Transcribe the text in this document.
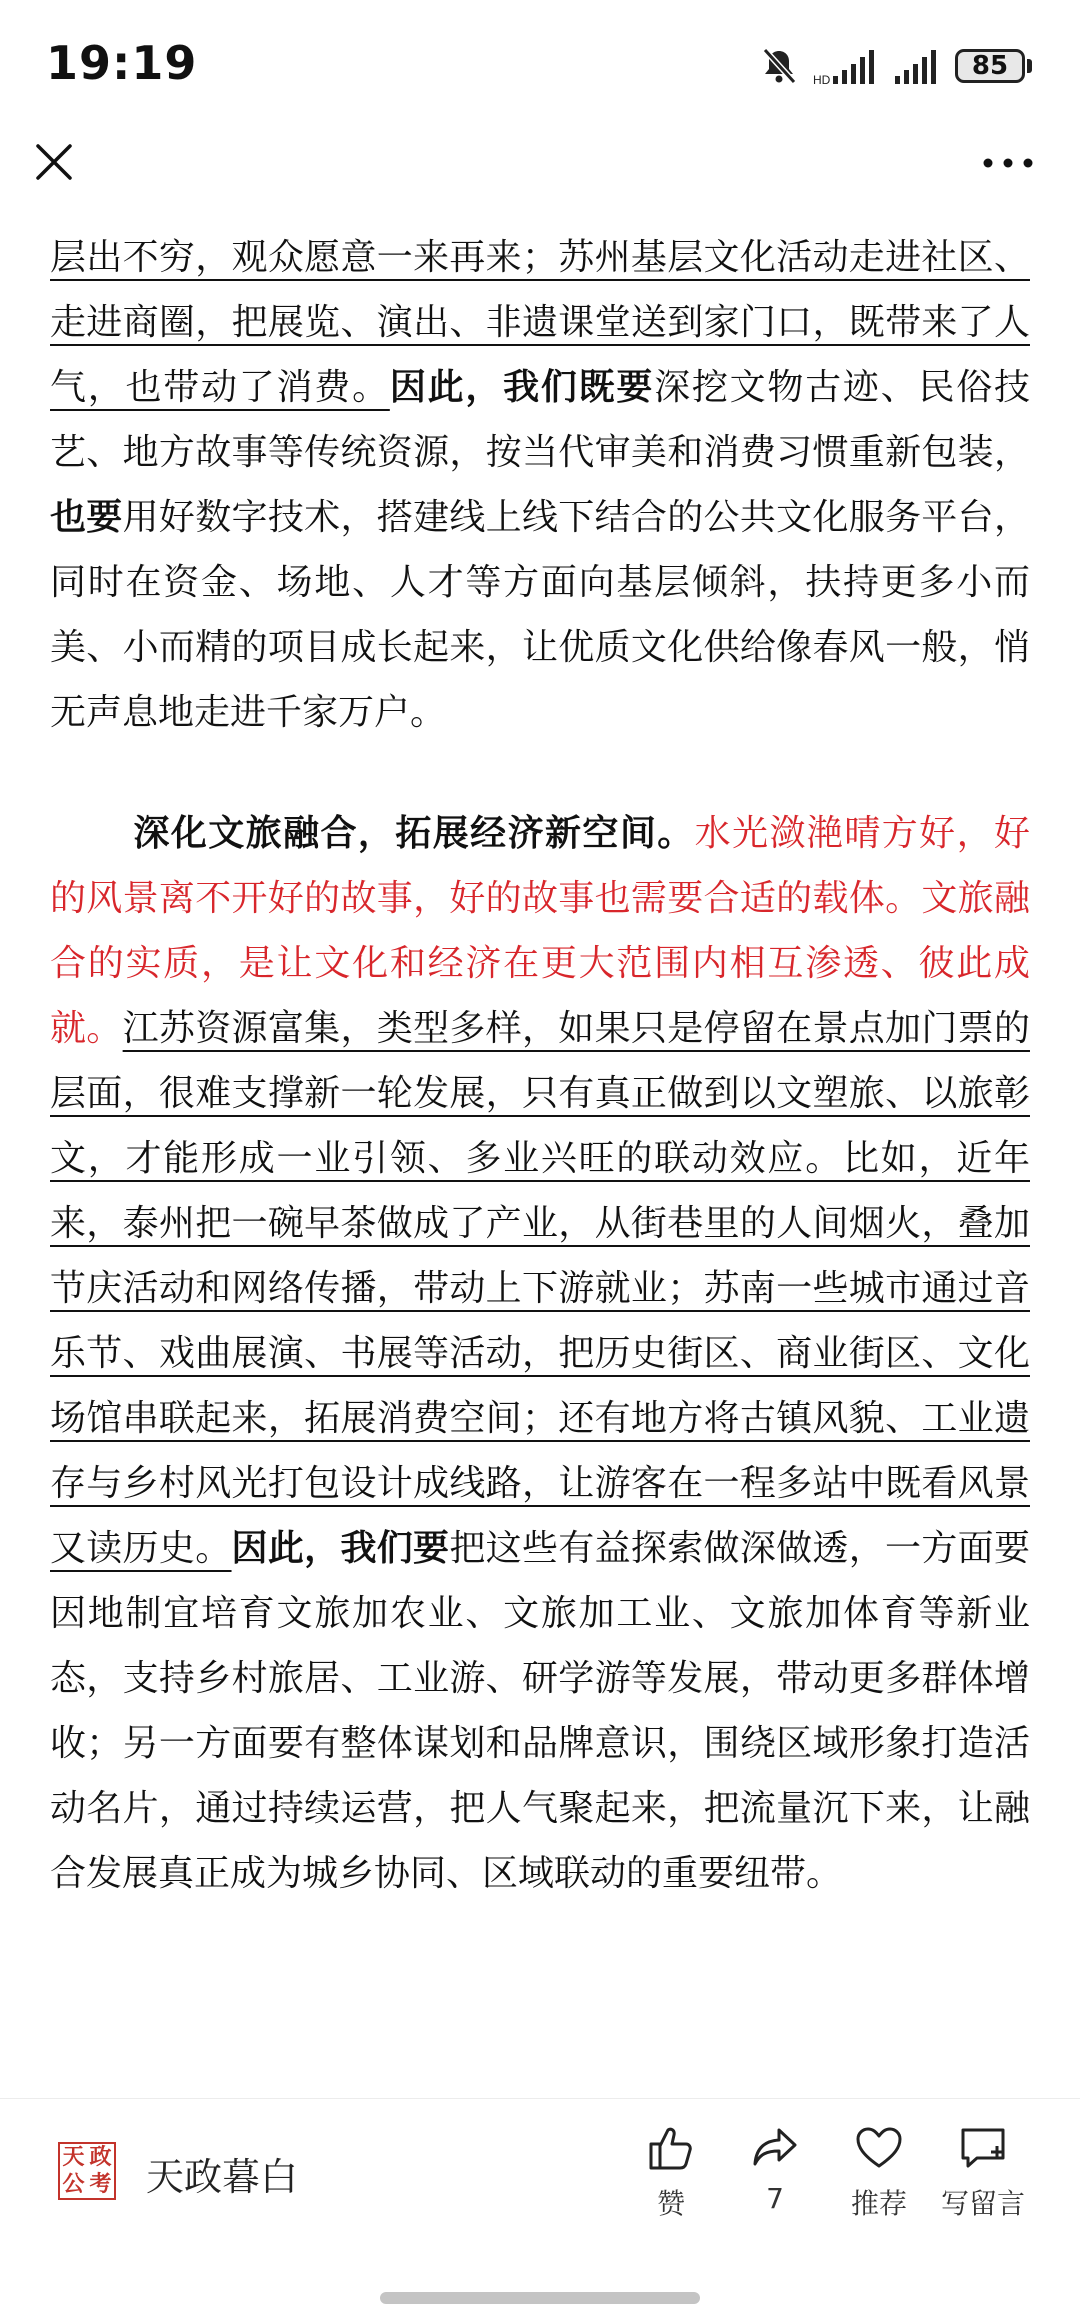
19:19	HD	85

层出不穷，观众愿意一来再来；苏州基层文化活动走进社区、走进商圈，把展览、演出、非遗课堂送到家门口，既带来了人气，也带动了消费。因此，我们既要深挖文物古迹、民俗技艺、地方故事等传统资源，按当代审美和消费习惯重新包装，也要用好数字技术，搭建线上线下结合的公共文化服务平台，同时在资金、场地、人才等方面向基层倾斜，扶持更多小而美、小而精的项目成长起来，让优质文化供给像春风一般，悄无声息地走进千家万户。

深化文旅融合，拓展经济新空间。水光潋滟晴方好，好的风景离不开好的故事，好的故事也需要合适的载体。文旅融合的实质，是让文化和经济在更大范围内相互渗透、彼此成就。江苏资源富集，类型多样，如果只是停留在景点加门票的层面，很难支撑新一轮发展，只有真正做到以文塑旅、以旅彰文，才能形成一业引领、多业兴旺的联动效应。比如，近年来，泰州把一碗早茶做成了产业，从街巷里的人间烟火，叠加节庆活动和网络传播，带动上下游就业；苏南一些城市通过音乐节、戏曲展演、书展等活动，把历史街区、商业街区、文化场馆串联起来，拓展消费空间；还有地方将古镇风貌、工业遗存与乡村风光打包设计成线路，让游客在一程多站中既看风景又读历史。因此，我们要把这些有益探索做深做透，一方面要因地制宜培育文旅加农业、文旅加工业、文旅加体育等新业态，支持乡村旅居、工业游、研学游等发展，带动更多群体增收；另一方面要有整体谋划和品牌意识，围绕区域形象打造活动名片，通过持续运营，把人气聚起来，把流量沉下来，让融合发展真正成为城乡协同、区域联动的重要纽带。

天 政
公 考 天政暮白
赞	7	推荐	写留言
